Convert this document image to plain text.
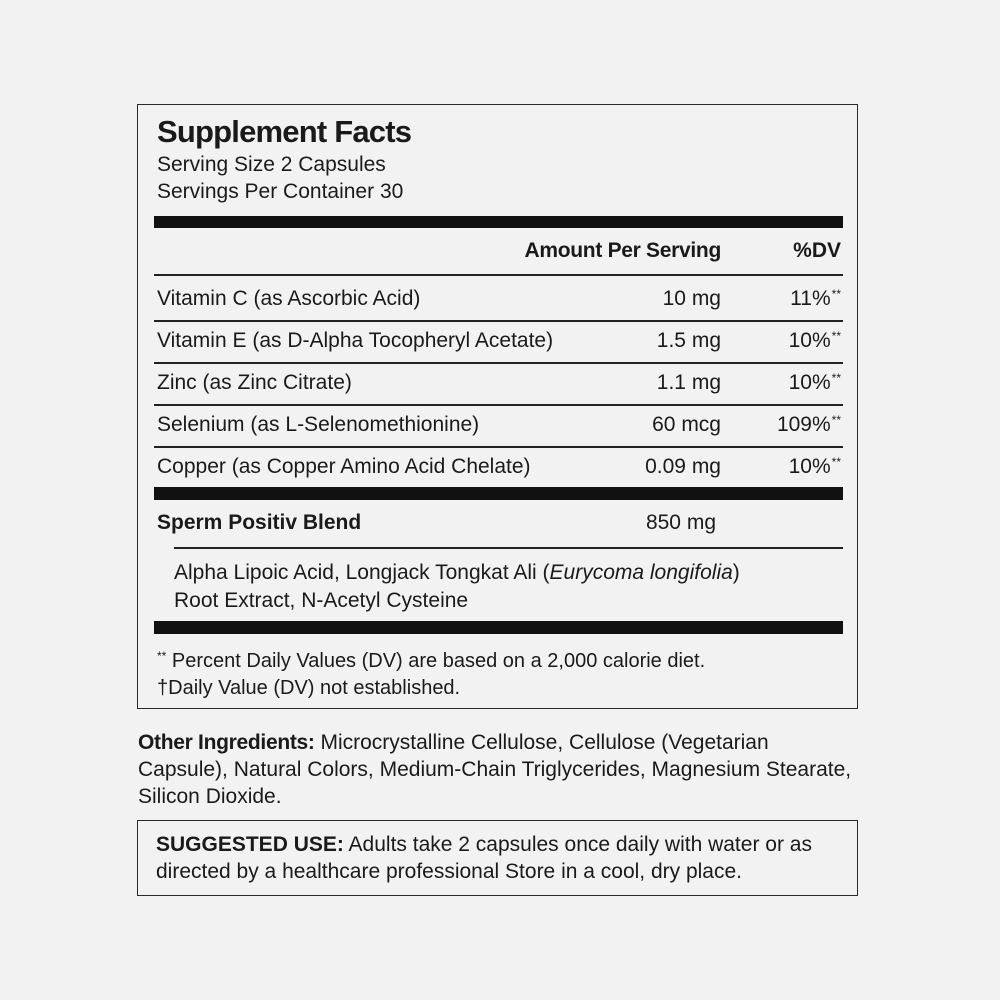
Supplement Facts
Serving Size 2 Capsules
Servings Per Container 30
Amount Per Serving	%DV
Vitamin C (as Ascorbic Acid)	10 mg	11%**
Vitamin E (as D-Alpha Tocopheryl Acetate)	1.5 mg	10%**
Zinc (as Zinc Citrate)	1.1 mg	10%**
Selenium (as L-Selenomethionine)	60 mcg	109%**
Copper (as Copper Amino Acid Chelate)	0.09 mg	10%**
Sperm Positiv Blend	850 mg
Alpha Lipoic Acid, Longjack Tongkat Ali (Eurycoma longifolia)
Root Extract, N-Acetyl Cysteine
** Percent Daily Values (DV) are based on a 2,000 calorie diet.
†Daily Value (DV) not established.
Other Ingredients: Microcrystalline Cellulose, Cellulose (Vegetarian Capsule), Natural Colors, Medium-Chain Triglycerides, Magnesium Stearate, Silicon Dioxide.
SUGGESTED USE: Adults take 2 capsules once daily with water or as directed by a healthcare professional Store in a cool, dry place.
